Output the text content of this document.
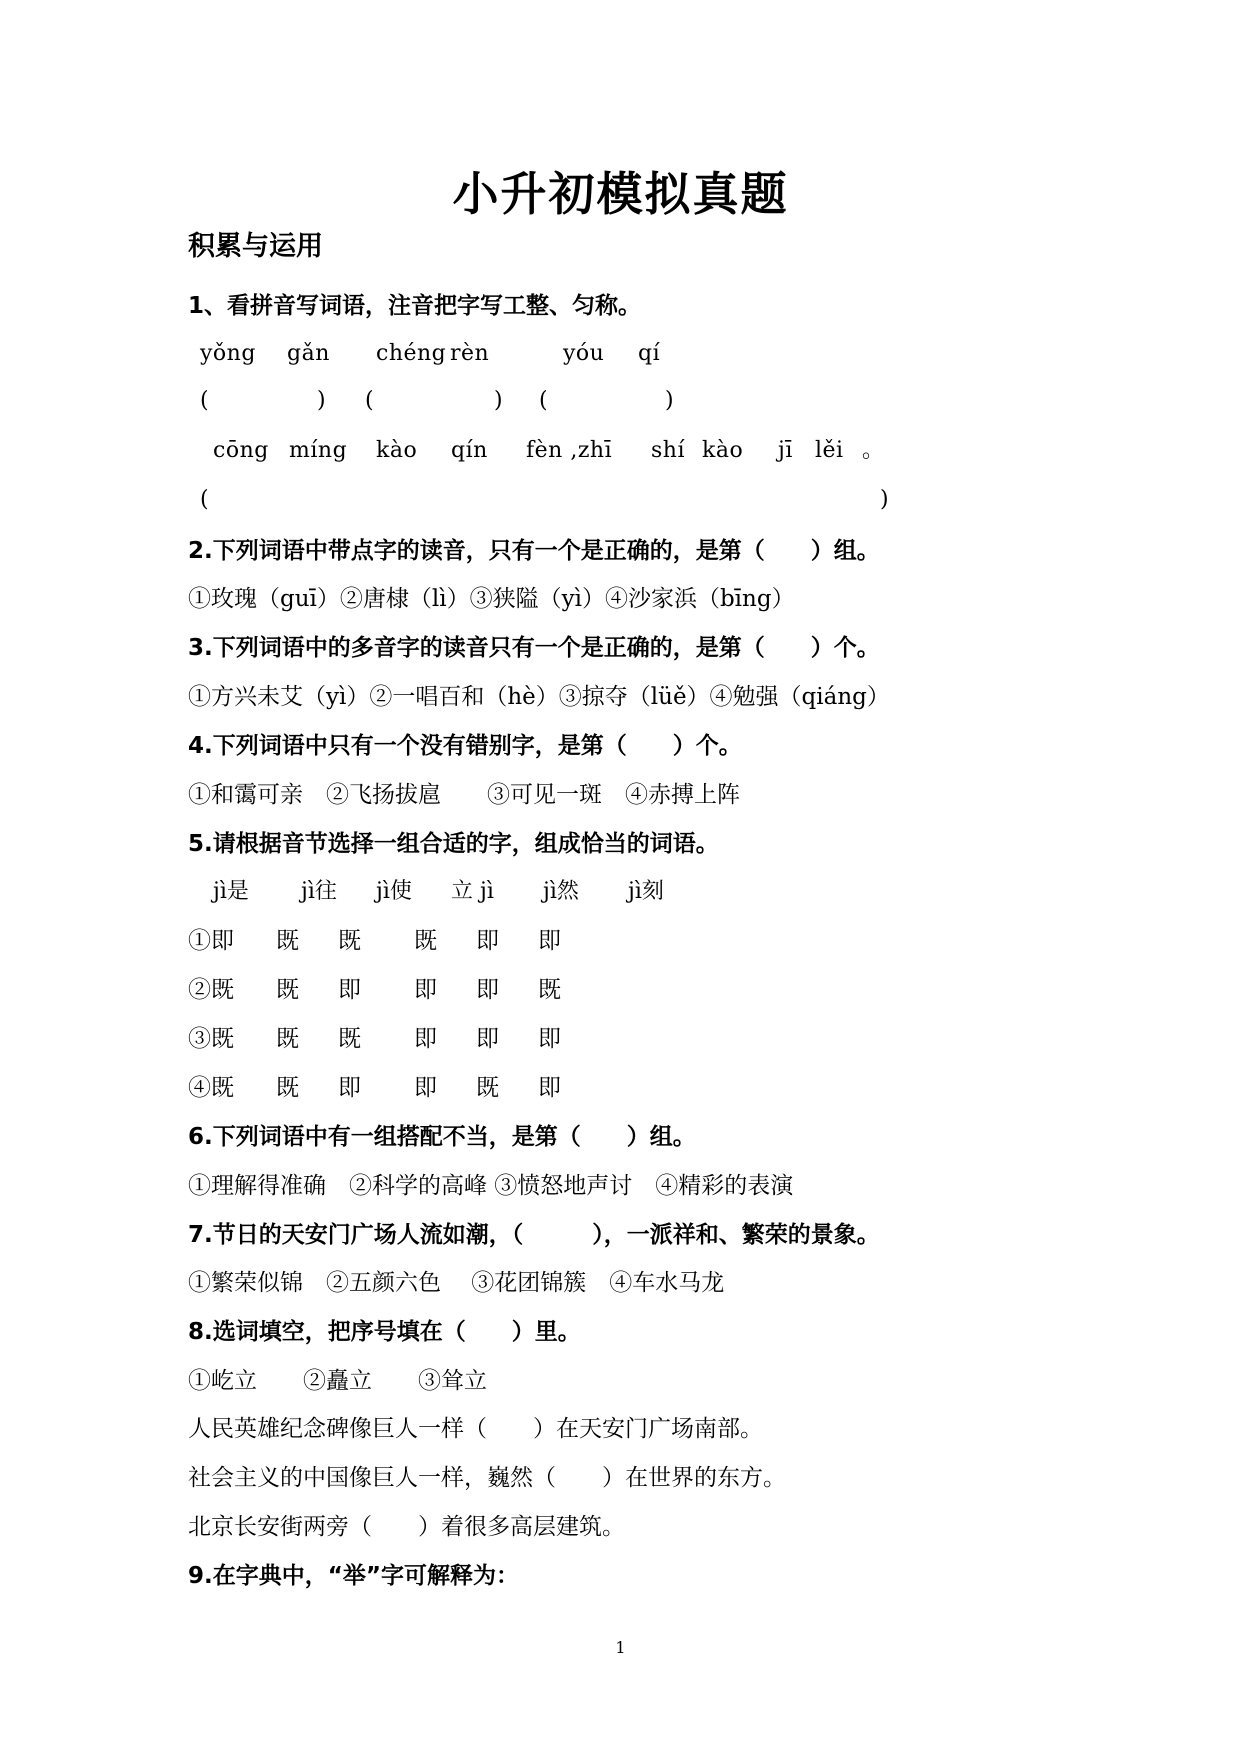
小升初模拟真题
积累与运用
1、看拼音写词语，注音把字写工整、匀称。
yǒng gǎn chéng rèn	yóu qí
(	) (	) (	)
cōng míng kào qín fèn ,zhī shí kào jī lěi 。
(	)
2.下列词语中带点字的读音，只有一个是正确的，是第（　　）组。
①玫瑰（guī）②唐棣（lì）③狭隘（yì）④沙家浜（bīng）
3.下列词语中的多音字的读音只有一个是正确的，是第（　　）个。
①方兴未艾（yì）②一唱百和（hè）③掠夺（lüě）④勉强（qiáng）
4.下列词语中只有一个没有错别字，是第（　　）个。
①和霭可亲　②飞扬拔扈　　③可见一斑　④赤搏上阵
5.请根据音节选择一组合适的字，组成恰当的词语。
jì是 jì往 jì使 立 jì jì然 jì刻
①即 既 既 既 即 即
②既 既 即 即 即 既
③既 既 既 即 即 即
④既 既 即 即 既 即
6.下列词语中有一组搭配不当，是第（　　）组。
①理解得准确　②科学的高峰 ③愤怒地声讨　④精彩的表演
7.节日的天安门广场人流如潮，（　　　），一派祥和、繁荣的景象。
①繁荣似锦　②五颜六色　 ③花团锦簇　④车水马龙
8.选词填空，把序号填在（　　）里。
①屹立　　②矗立　　③耸立
人民英雄纪念碑像巨人一样（　　）在天安门广场南部。
社会主义的中国像巨人一样，巍然（　　）在世界的东方。
北京长安街两旁（　　）着很多高层建筑。
9.在字典中，“举”字可解释为：
1
